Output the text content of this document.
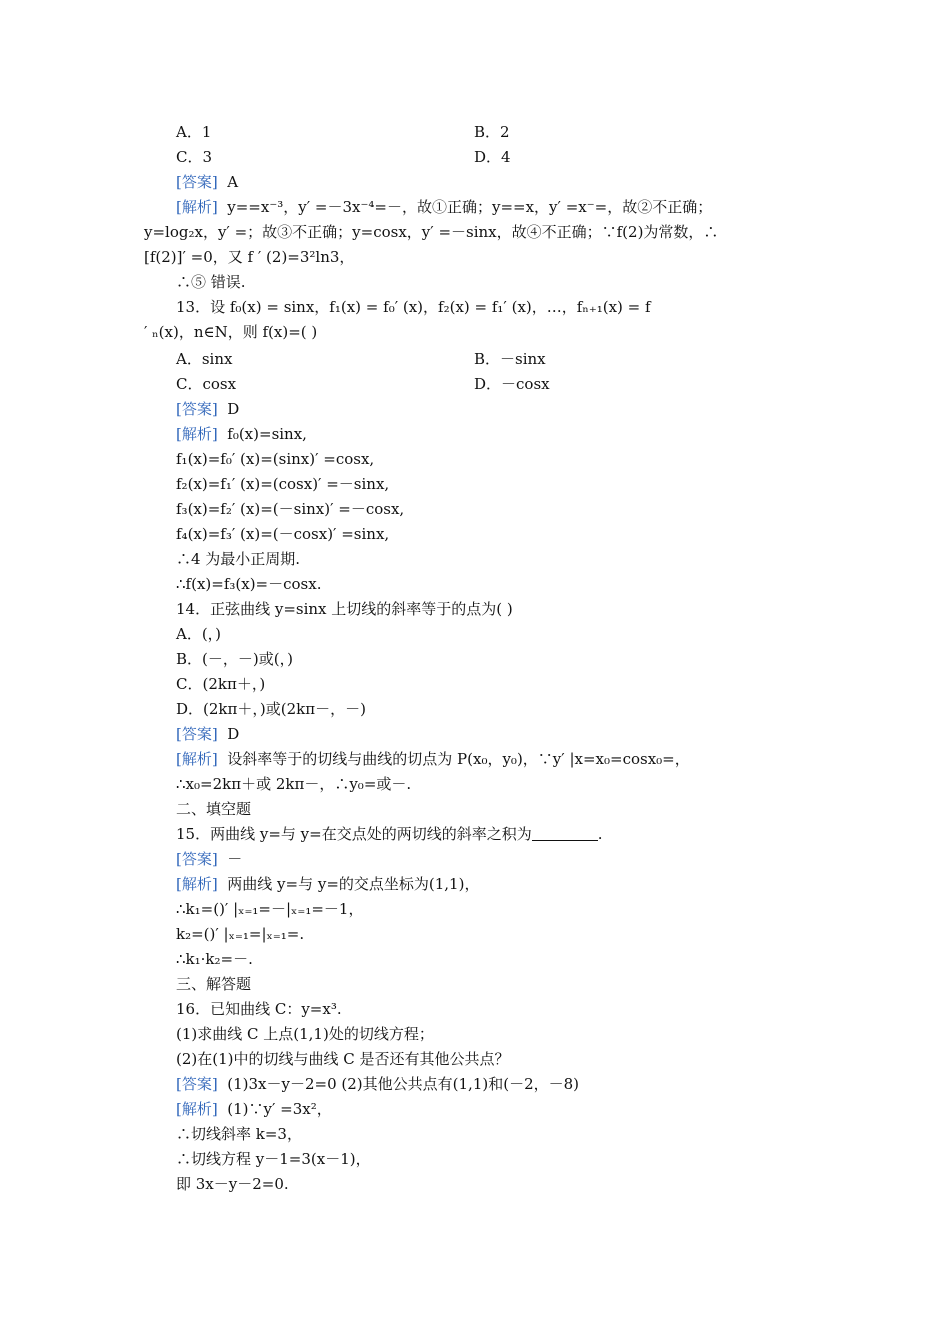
A．1	B．2
C．3	D．4
[答案] A
[解析] y==x⁻³，y′ =－3x⁻⁴=－，故①正确；y==x，y′ =x⁻=，故②不正确；
y=log₂x，y′ =；故③不正确；y=cosx，y′ =－sinx，故④不正确；∵f(2)为常数，∴
[f(2)]′ =0，又 f ′ (2)=3²ln3，
∴⑤ 错误.
13．设 f₀(x) = sinx，f₁(x) = f₀′ (x)，f₂(x) = f₁′ (x)，…，fₙ₊₁(x) = f
′ ₙ(x)，n∈N，则 f(x)=( )
A．sinx	B．－sinx
C．cosx	D．－cosx
[答案] D
[解析] f₀(x)=sinx,
f₁(x)=f₀′ (x)=(sinx)′ =cosx,
f₂(x)=f₁′ (x)=(cosx)′ =－sinx,
f₃(x)=f₂′ (x)=(－sinx)′ =－cosx,
f₄(x)=f₃′ (x)=(－cosx)′ =sinx,
∴4 为最小正周期.
∴f(x)=f₃(x)=－cosx.
14．正弦曲线 y=sinx 上切线的斜率等于的点为( )
A．(，)
B．(－，－)或(，)
C．(2kπ＋，)
D．(2kπ＋，)或(2kπ－，－)
[答案] D
[解析] 设斜率等于的切线与曲线的切点为 P(x₀，y₀)，∵y′ |x=x₀=cosx₀=，
∴x₀=2kπ＋或 2kπ－，∴y₀=或－.
二、填空题
15．两曲线 y=与 y=在交点处的两切线的斜率之积为	.
[答案] －
[解析] 两曲线 y=与 y=的交点坐标为(1,1)，
∴k₁=()′ |ₓ₌₁=－|ₓ₌₁=－1，
k₂=()′ |ₓ₌₁=|ₓ₌₁=.
∴k₁·k₂=－.
三、解答题
16．已知曲线 C：y=x³.
(1)求曲线 C 上点(1,1)处的切线方程；
(2)在(1)中的切线与曲线 C 是否还有其他公共点？
[答案] (1)3x－y－2=0 (2)其他公共点有(1,1)和(－2，－8)
[解析] (1)∵y′ =3x²，
∴切线斜率 k=3，
∴切线方程 y－1=3(x－1)，
即 3x－y－2=0.
